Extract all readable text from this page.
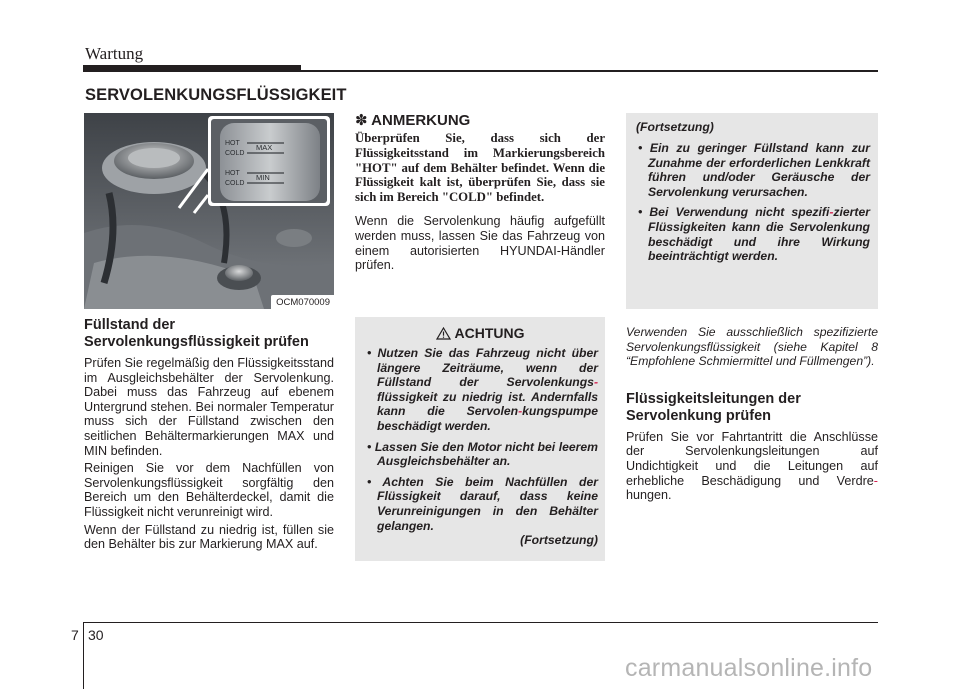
Wartung
SERVOLENKUNGSFLÜSSIGKEIT
HOT
COLD
MAX
HOT
COLD
MIN
OCM070009

Füllstand der

Servolenkungsflüssigkeit prüfen

Prüfen Sie regelmäßig den Flüssigkeitsstand im Ausgleichsbehälter der Servolenkung. Dabei muss das Fahrzeug auf ebenem Untergrund stehen. Bei normaler Temperatur muss sich der Füllstand zwischen den seitlichen Behältermarkierungen MAX und MIN befinden.

Reinigen Sie vor dem Nachfüllen von Servolenkungsflüssigkeit sorgfältig den Bereich um den Behälterdeckel, damit die Flüssigkeit nicht verunreinigt wird.

Wenn der Füllstand zu niedrig ist, füllen sie den Behälter bis zur Markierung MAX auf.

✽ ANMERKUNG

Überprüfen Sie, dass sich der Flüssigkeitsstand im Markierungsbereich "HOT" auf dem Behälter befindet. Wenn die Flüssigkeit kalt ist, überprüfen Sie, dass sie sich im Bereich "COLD" befindet.

Wenn die Servolenkung häufig aufgefüllt werden muss, lassen Sie das Fahrzeug von einem autorisierten HYUNDAI-Händler prüfen.

ACHTUNG
• Nutzen Sie das Fahrzeug nicht über längere Zeiträume, wenn der Füllstand der Servolenkungs-flüssigkeit zu niedrig ist. Andernfalls kann die Servolen-kungspumpe beschädigt werden.
• Lassen Sie den Motor nicht bei leerem Ausgleichsbehälter an.
• Achten Sie beim Nachfüllen der Flüssigkeit darauf, dass keine Verunreinigungen in den Behälter gelangen.
(Fortsetzung)
(Fortsetzung)
• Ein zu geringer Füllstand kann zur Zunahme der erforderlichen Lenkkraft führen und/oder Geräusche der Servolenkung verursachen.
• Bei Verwendung nicht spezifi-zierter Flüssigkeiten kann die Servolenkung beschädigt und ihre Wirkung beeinträchtigt werden.

Verwenden Sie ausschließlich spezifizierte Servolenkungsflüssigkeit (siehe Kapitel 8 “Empfohlene Schmiermittel und Füllmengen”).

Flüssigkeitsleitungen der

Servolenkung prüfen

Prüfen Sie vor Fahrtantritt die Anschlüsse der Servolenkungsleitungen auf Undichtigkeit und die Leitungen auf erhebliche Beschädigung und Verdre-hungen.

7 30
carmanualsonline.info
